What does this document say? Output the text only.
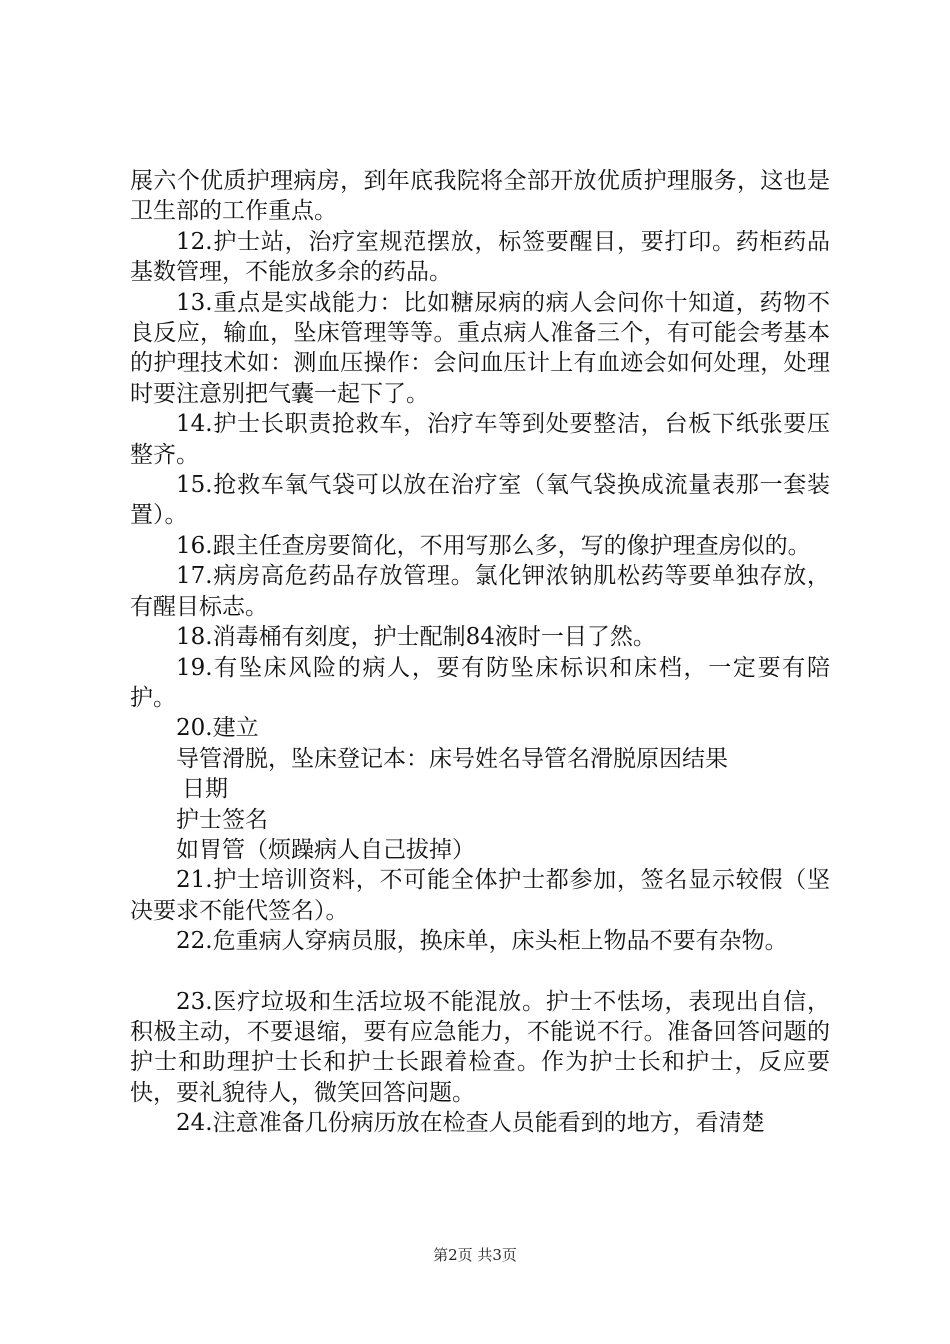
展六个优质护理病房，到年底我院将全部开放优质护理服务，这也是卫生部的工作重点。

12.护士站，治疗室规范摆放，标签要醒目，要打印。药柜药品基数管理，不能放多余的药品。

13.重点是实战能力：比如糖尿病的病人会问你十知道，药物不良反应，输血，坠床管理等等。重点病人准备三个，有可能会考基本的护理技术如：测血压操作：会问血压计上有血迹会如何处理，处理时要注意别把气囊一起下了。

14.护士长职责抢救车，治疗车等到处要整洁，台板下纸张要压整齐。

15.抢救车氧气袋可以放在治疗室（氧气袋换成流量表那一套装置）。

16.跟主任查房要简化，不用写那么多，写的像护理查房似的。

17.病房高危药品存放管理。氯化钾浓钠肌松药等要单独存放，有醒目标志。

18.消毒桶有刻度，护士配制84液时一目了然。

19.有坠床风险的病人，要有防坠床标识和床档，一定要有陪护。

20.建立

导管滑脱，坠床登记本：床号姓名导管名滑脱原因结果

日期

护士签名

如胃管（烦躁病人自己拔掉）

21.护士培训资料，不可能全体护士都参加，签名显示较假（坚决要求不能代签名）。

22.危重病人穿病员服，换床单，床头柜上物品不要有杂物。

23.医疗垃圾和生活垃圾不能混放。护士不怯场，表现出自信，积极主动，不要退缩，要有应急能力，不能说不行。准备回答问题的护士和助理护士长和护士长跟着检查。作为护士长和护士，反应要快，要礼貌待人，微笑回答问题。

24.注意准备几份病历放在检查人员能看到的地方，看清楚

第2页 共3页
